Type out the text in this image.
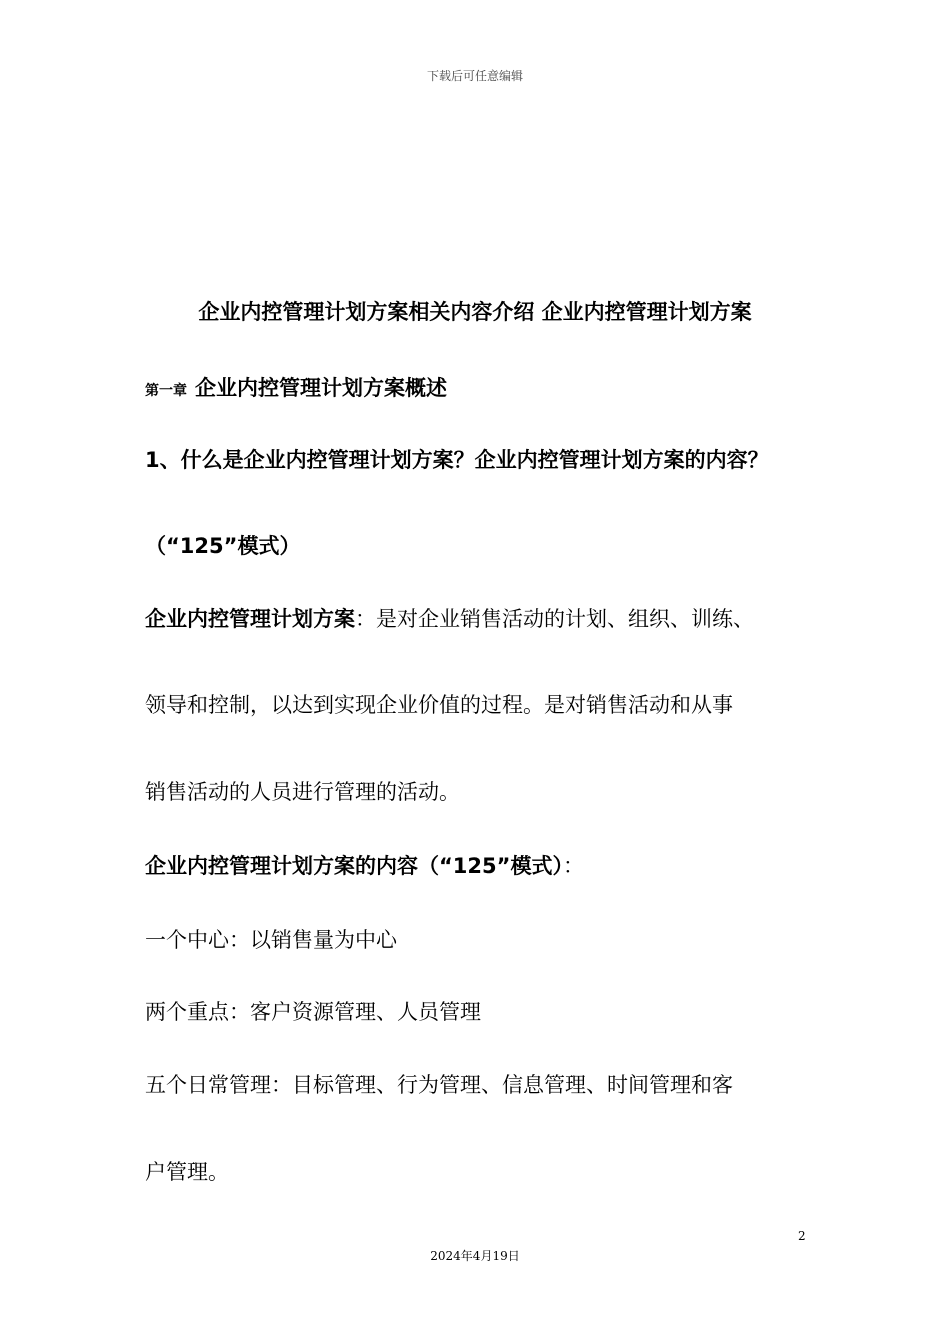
下载后可任意编辑
企业内控管理计划方案相关内容介绍 企业内控管理计划方案
第一章 企业内控管理计划方案概述
1、什么是企业内控管理计划方案？企业内控管理计划方案的内容？
（“125”模式）
企业内控管理计划方案：是对企业销售活动的计划、组织、训练、
领导和控制，以达到实现企业价值的过程。是对销售活动和从事
销售活动的人员进行管理的活动。
企业内控管理计划方案的内容（“125”模式）：
一个中心：以销售量为中心
两个重点：客户资源管理、人员管理
五个日常管理：目标管理、行为管理、信息管理、时间管理和客
户管理。
2
2024年4月19日
